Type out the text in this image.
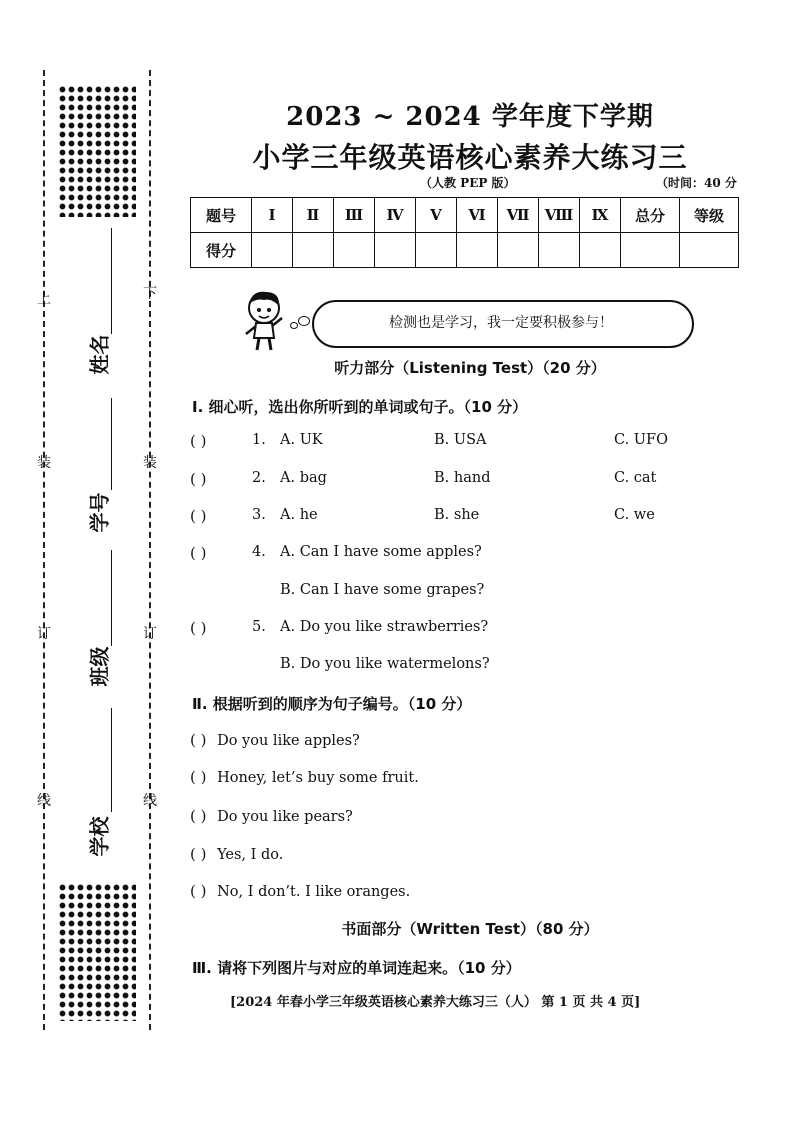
上	下
装	装
订	订
线	线
姓名
学号
班级
学校
2023 ~ 2024 学年度下学期
小学三年级英语核心素养大练习三
（人教 PEP 版）	（时间：40 分
题号	Ⅰ	Ⅱ	Ⅲ	Ⅳ	Ⅴ	Ⅵ	Ⅶ	Ⅷ	Ⅸ	总分	等级
得分											
检测也是学习，我一定要积极参与！
听力部分（Listening Test）（20 分）
Ⅰ. 细心听，选出你所听到的单词或句子。（10 分）
( )	1. A. UK	B. USA	C. UFO
( )	2. A. bag	B. hand	C. cat
( )	3. A. he	B. she	C. we
( )	4. A. Can I have some apples?
B. Can I have some grapes?
( )	5. A. Do you like strawberries?
B. Do you like watermelons?
Ⅱ. 根据听到的顺序为句子编号。（10 分）
( ) Do you like apples?
( ) Honey, let’s buy some fruit.
( ) Do you like pears?
( ) Yes, I do.
( ) No, I don’t. I like oranges.
书面部分（Written Test）（80 分）
Ⅲ. 请将下列图片与对应的单词连起来。（10 分）
[2024 年春小学三年级英语核心素养大练习三（人） 第 1 页 共 4 页]
